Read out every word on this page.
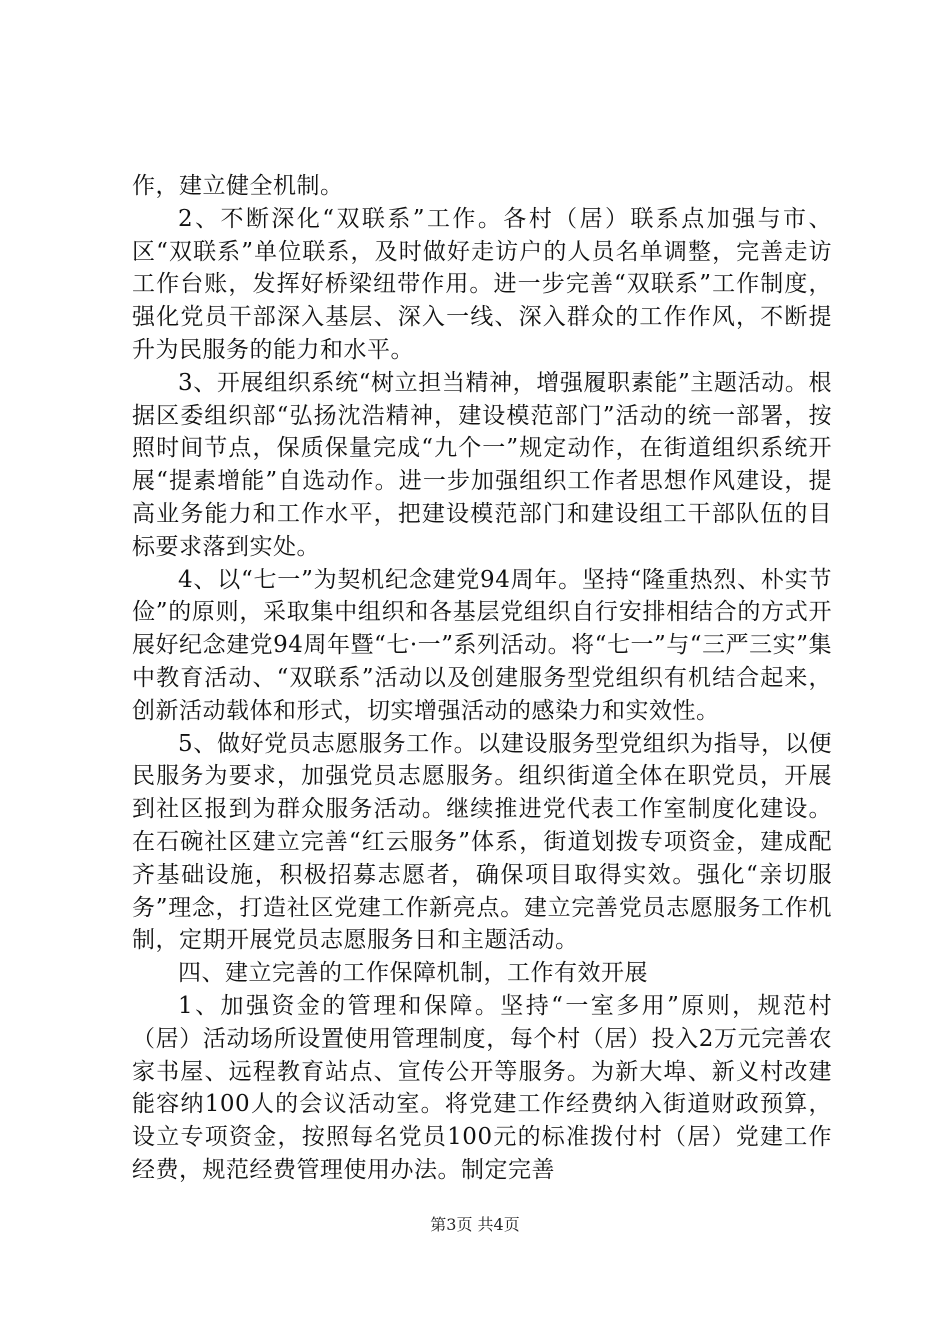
作，建立健全机制。

2、不断深化“双联系”工作。各村（居）联系点加强与市、区“双联系”单位联系，及时做好走访户的人员名单调整，完善走访工作台账，发挥好桥梁纽带作用。进一步完善“双联系”工作制度，强化党员干部深入基层、深入一线、深入群众的工作作风，不断提升为民服务的能力和水平。

3、开展组织系统“树立担当精神，增强履职素能”主题活动。根据区委组织部“弘扬沈浩精神，建设模范部门”活动的统一部署，按照时间节点，保质保量完成“九个一”规定动作，在街道组织系统开展“提素增能”自选动作。进一步加强组织工作者思想作风建设，提高业务能力和工作水平，把建设模范部门和建设组工干部队伍的目标要求落到实处。

4、以“七一”为契机纪念建党94周年。坚持“隆重热烈、朴实节俭”的原则，采取集中组织和各基层党组织自行安排相结合的方式开展好纪念建党94周年暨“七·一”系列活动。将“七一”与“三严三实”集中教育活动、“双联系”活动以及创建服务型党组织有机结合起来，创新活动载体和形式，切实增强活动的感染力和实效性。

5、做好党员志愿服务工作。以建设服务型党组织为指导，以便民服务为要求，加强党员志愿服务。组织街道全体在职党员，开展到社区报到为群众服务活动。继续推进党代表工作室制度化建设。在石碗社区建立完善“红云服务”体系，街道划拨专项资金，建成配齐基础设施，积极招募志愿者，确保项目取得实效。强化“亲切服务”理念，打造社区党建工作新亮点。建立完善党员志愿服务工作机制，定期开展党员志愿服务日和主题活动。

四、建立完善的工作保障机制，工作有效开展

1、加强资金的管理和保障。坚持“一室多用”原则，规范村（居）活动场所设置使用管理制度，每个村（居）投入2万元完善农家书屋、远程教育站点、宣传公开等服务。为新大埠、新义村改建能容纳100人的会议活动室。将党建工作经费纳入街道财政预算，设立专项资金，按照每名党员100元的标准拨付村（居）党建工作经费，规范经费管理使用办法。制定完善

第3页 共4页
